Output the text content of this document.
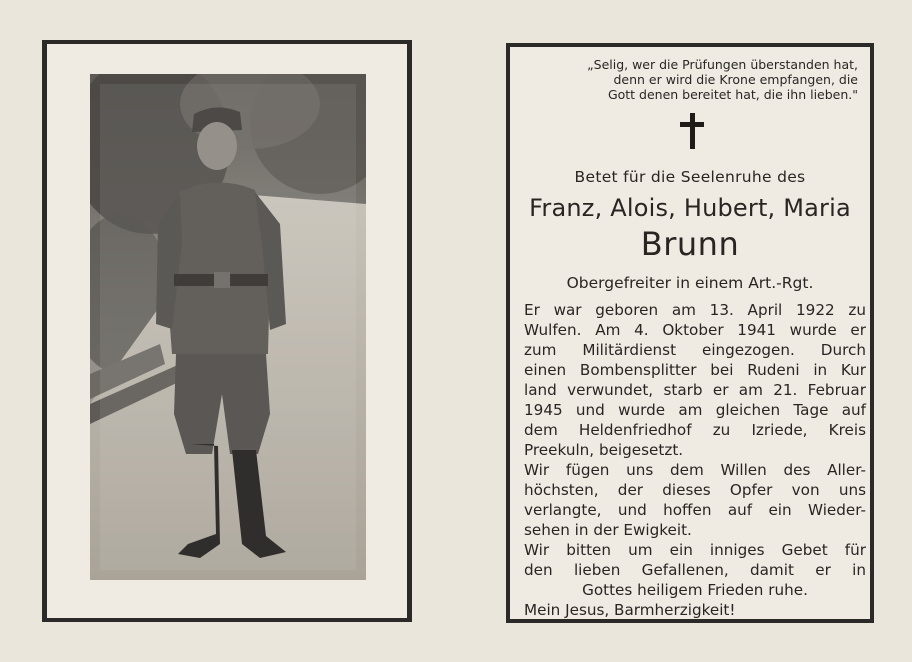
„Selig, wer die Prüfungen überstanden hat,
denn er wird die Krone empfangen, die
Gott denen bereitet hat, die ihn lieben."
Betet für die Seelenruhe des
Franz, Alois, Hubert, Maria
Brunn
Obergefreiter in einem Art.-Rgt.
Er war geboren am 13. April 1922 zu
Wulfen. Am 4. Oktober 1941 wurde er
zum Militärdienst eingezogen. Durch
einen Bombensplitter bei Rudeni in Kur
land verwundet, starb er am 21. Februar
1945 und wurde am gleichen Tage auf
dem Heldenfriedhof zu Izriede, Kreis
Preekuln, beigesetzt.
Wir fügen uns dem Willen des Aller-
höchsten, der dieses Opfer von uns
verlangte, und hoffen auf ein Wieder-
sehen in der Ewigkeit.
Wir bitten um ein inniges Gebet für
den lieben Gefallenen, damit er in
Gottes heiligem Frieden ruhe.
Mein Jesus, Barmherzigkeit!
